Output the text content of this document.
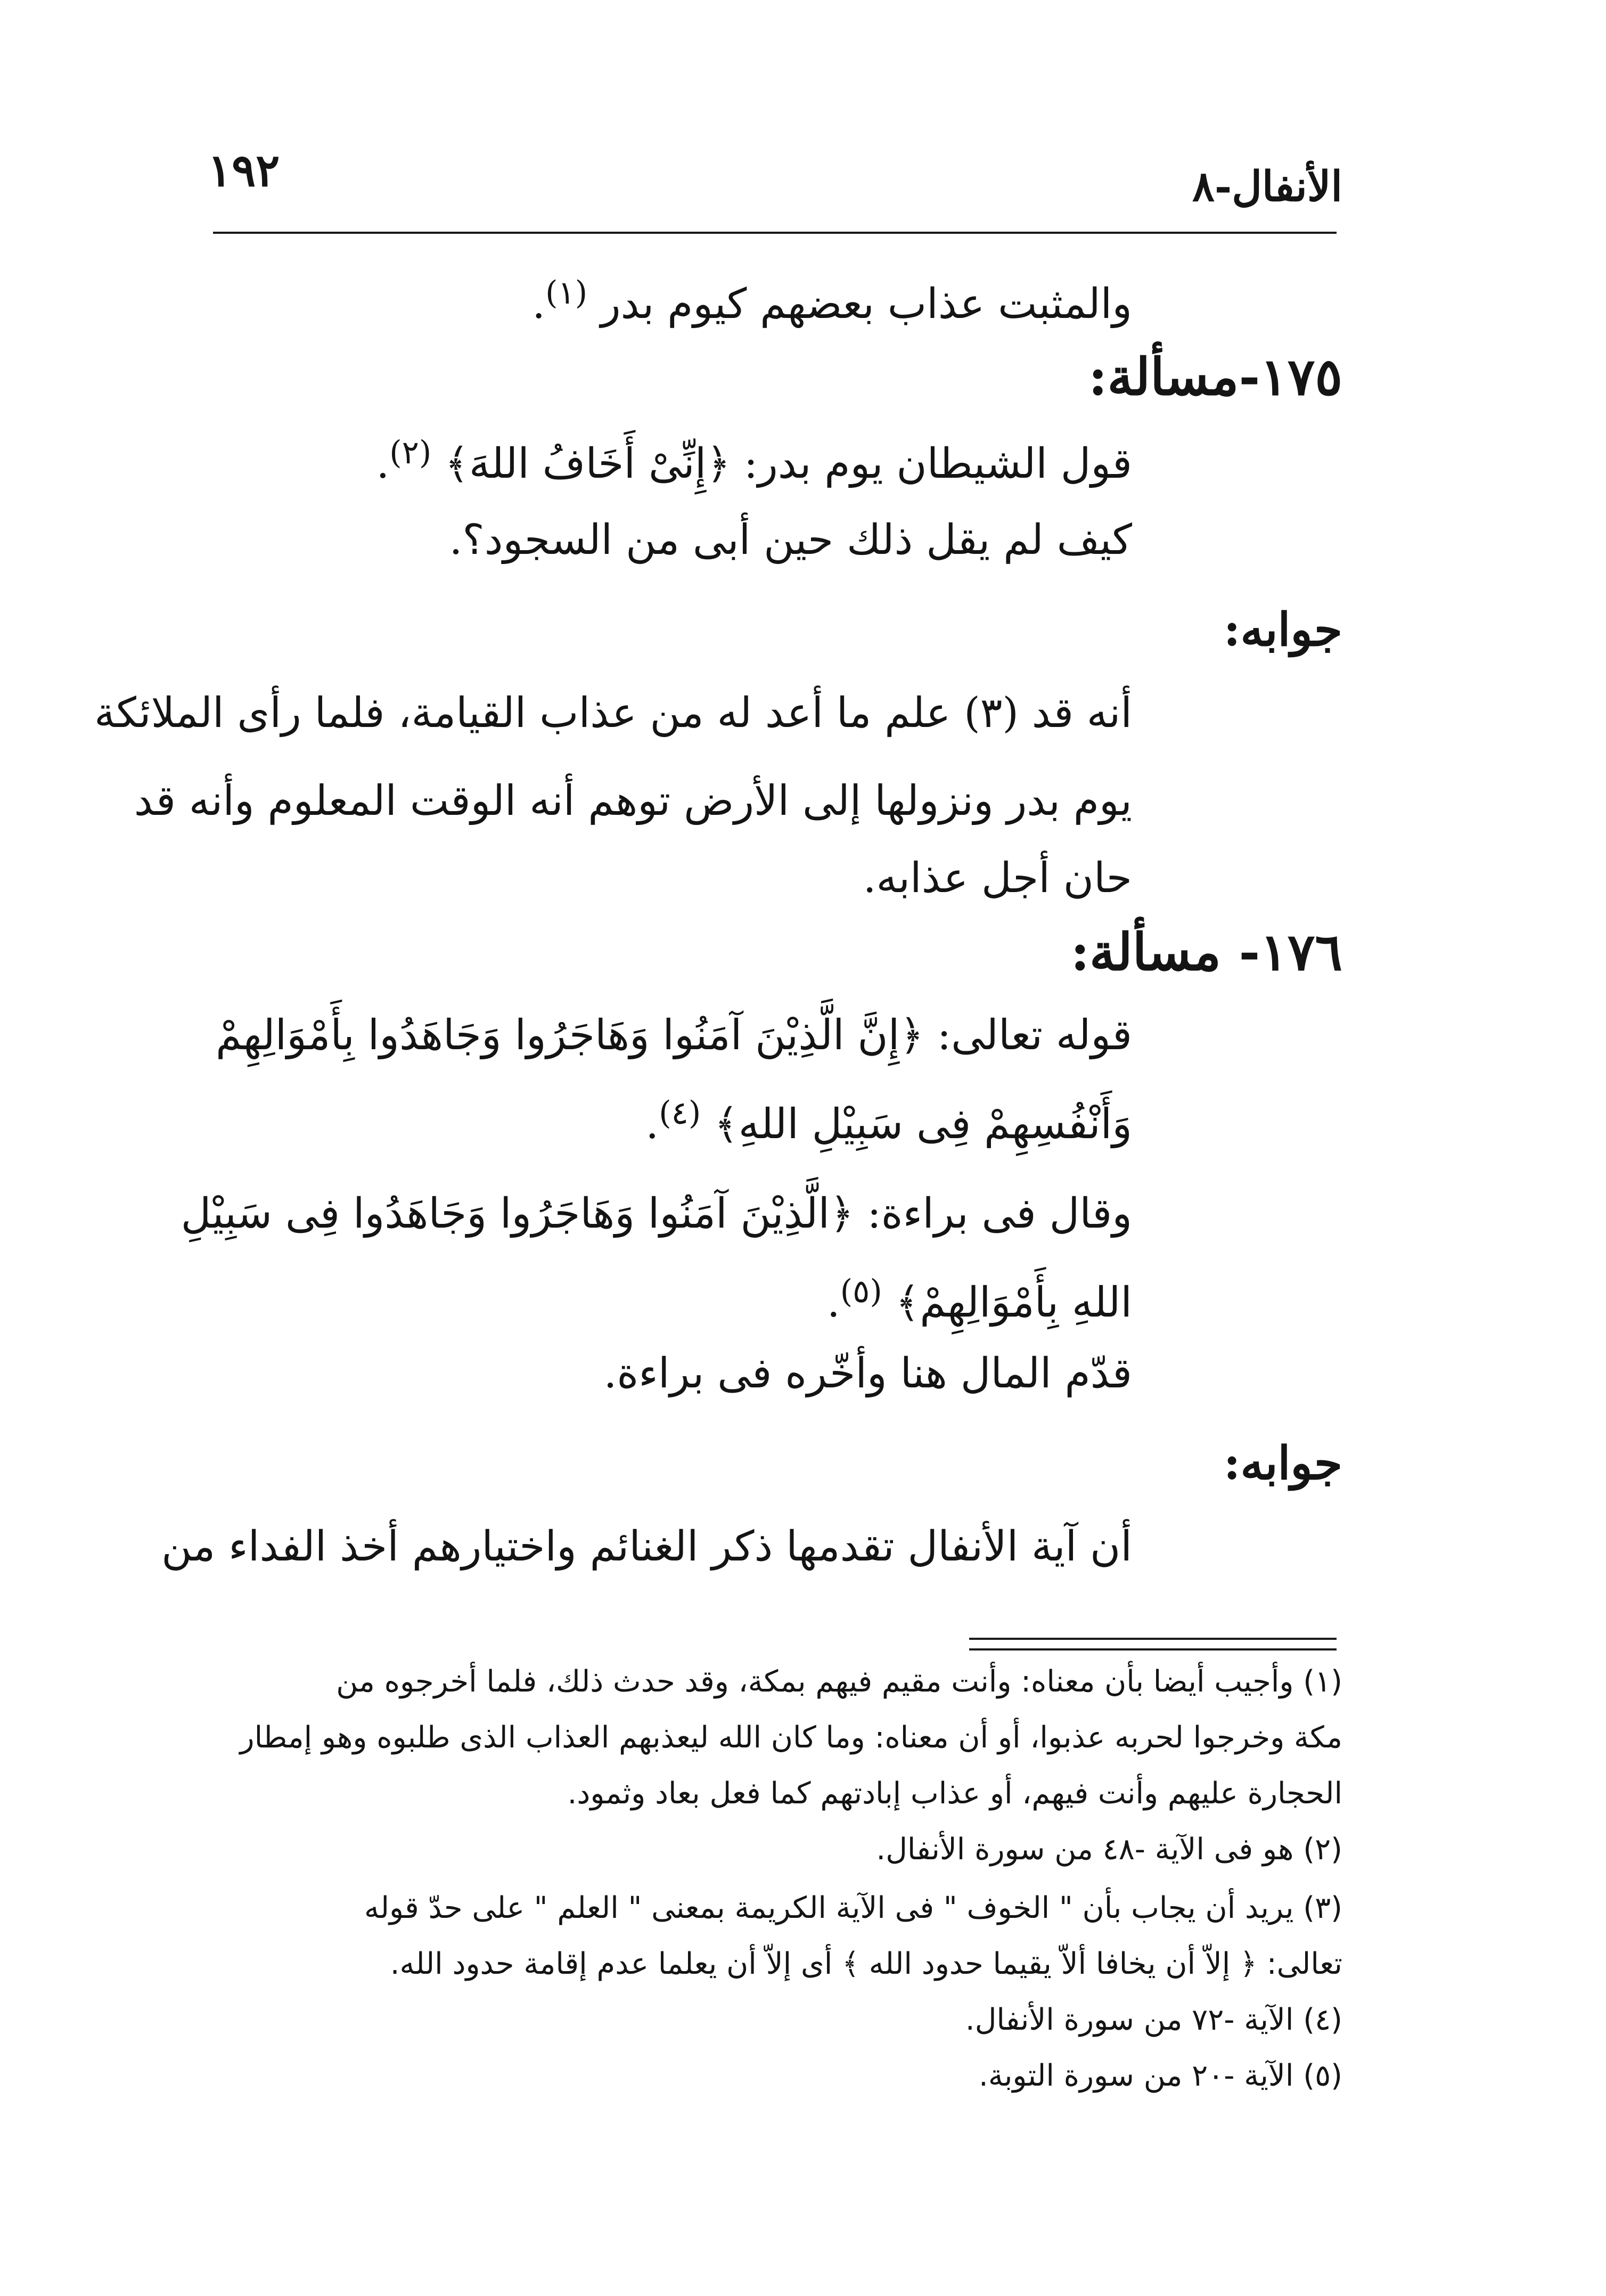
١٩٢	الأنفال-٨
والمثبت عذاب بعضهم كيوم بدر $^{(١)}$.
١٧٥-مسألة:
قول الشيطان يوم بدر: ﴿إِنِّىْ أَخَافُ اللهَ﴾ $^{(٢)}$.
كيف لم يقل ذلك حين أبى من السجود؟.
جوابه:
أنه قد (٣) علم ما أعد له من عذاب القيامة، فلما رأى الملائكة
يوم بدر ونزولها إلى الأرض توهم أنه الوقت المعلوم وأنه قد
حان أجل عذابه.
١٧٦- مسألة:
قوله تعالى: ﴿إِنَّ الَّذِيْنَ آمَنُوا وَهَاجَرُوا وَجَاهَدُوا بِأَمْوَالِهِمْ
وَأَنْفُسِهِمْ فِى سَبِيْلِ اللهِ﴾ $^{(٤)}$.
وقال فى براءة: ﴿الَّذِيْنَ آمَنُوا وَهَاجَرُوا وَجَاهَدُوا فِى سَبِيْلِ
اللهِ بِأَمْوَالِهِمْ﴾ $^{(٥)}$.
قدّم المال هنا وأخّره فى براءة.
جوابه:
أن آية الأنفال تقدمها ذكر الغنائم واختيارهم أخذ الفداء من
(١) وأجيب أيضا بأن معناه: وأنت مقيم فيهم بمكة، وقد حدث ذلك، فلما أخرجوه من
مكة وخرجوا لحربه عذبوا، أو أن معناه: وما كان الله ليعذبهم العذاب الذى طلبوه وهو إمطار
الحجارة عليهم وأنت فيهم، أو عذاب إبادتهم كما فعل بعاد وثمود.
(٢) هو فى الآية -٤٨ من سورة الأنفال.
(٣) يريد أن يجاب بأن " الخوف " فى الآية الكريمة بمعنى " العلم " على حدّ قوله
تعالى: ﴿ إلاّ أن يخافا ألاّ يقيما حدود الله ﴾ أى إلاّ أن يعلما عدم إقامة حدود الله.
(٤) الآية -٧٢ من سورة الأنفال.
(٥) الآية -٢٠ من سورة التوبة.
